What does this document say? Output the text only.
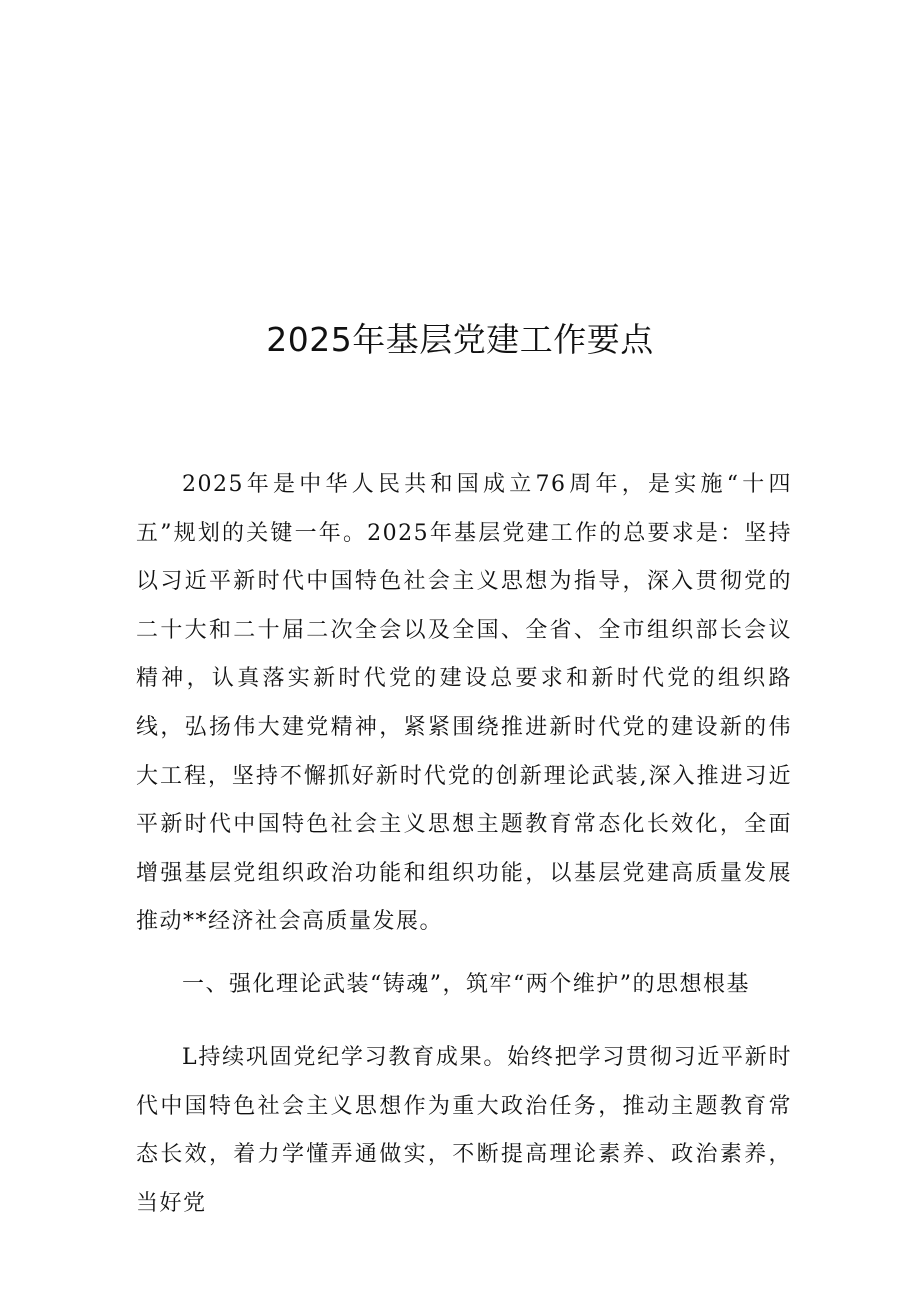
2025年基层党建工作要点

2025年是中华人民共和国成立76周年，是实施“十四五”规划的关键一年。2025年基层党建工作的总要求是：坚持以习近平新时代中国特色社会主义思想为指导，深入贯彻党的二十大和二十届二次全会以及全国、全省、全市组织部长会议精神，认真落实新时代党的建设总要求和新时代党的组织路线，弘扬伟大建党精神，紧紧围绕推进新时代党的建设新的伟大工程，坚持不懈抓好新时代党的创新理论武装,深入推进习近平新时代中国特色社会主义思想主题教育常态化长效化，全面增强基层党组织政治功能和组织功能，以基层党建高质量发展推动**经济社会高质量发展。

一、强化理论武装“铸魂”，筑牢“两个维护”的思想根基

L持续巩固党纪学习教育成果。始终把学习贯彻习近平新时代中国特色社会主义思想作为重大政治任务，推动主题教育常态长效，着力学懂弄通做实，不断提高理论素养、政治素养，当好党
